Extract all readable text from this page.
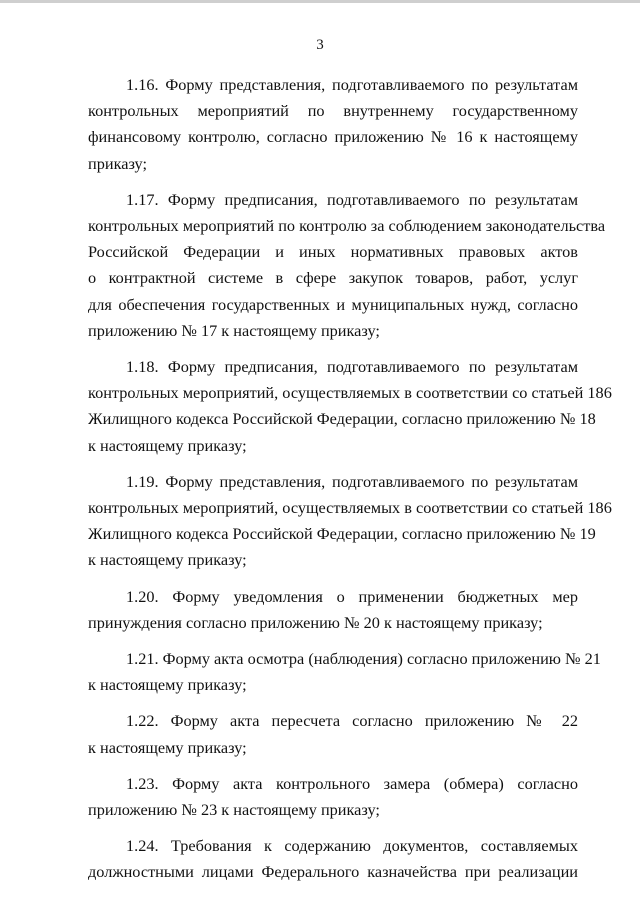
3
1.16. Форму представления, подготавливаемого по результатам
контрольных мероприятий по внутреннему государственному
финансовому контролю, согласно приложению № 16 к настоящему
приказу;
1.17. Форму предписания, подготавливаемого по результатам
контрольных мероприятий по контролю за соблюдением законодательства
Российской Федерации и иных нормативных правовых актов
о контрактной системе в сфере закупок товаров, работ, услуг
для обеспечения государственных и муниципальных нужд, согласно
приложению № 17 к настоящему приказу;
1.18. Форму предписания, подготавливаемого по результатам
контрольных мероприятий, осуществляемых в соответствии со статьей 186
Жилищного кодекса Российской Федерации, согласно приложению № 18
к настоящему приказу;
1.19. Форму представления, подготавливаемого по результатам
контрольных мероприятий, осуществляемых в соответствии со статьей 186
Жилищного кодекса Российской Федерации, согласно приложению № 19
к настоящему приказу;
1.20. Форму уведомления о применении бюджетных мер
принуждения согласно приложению № 20 к настоящему приказу;
1.21. Форму акта осмотра (наблюдения) согласно приложению № 21
к настоящему приказу;
1.22. Форму акта пересчета согласно приложению № 22
к настоящему приказу;
1.23. Форму акта контрольного замера (обмера) согласно
приложению № 23 к настоящему приказу;
1.24. Требования к содержанию документов, составляемых
должностными лицами Федерального казначейства при реализации
